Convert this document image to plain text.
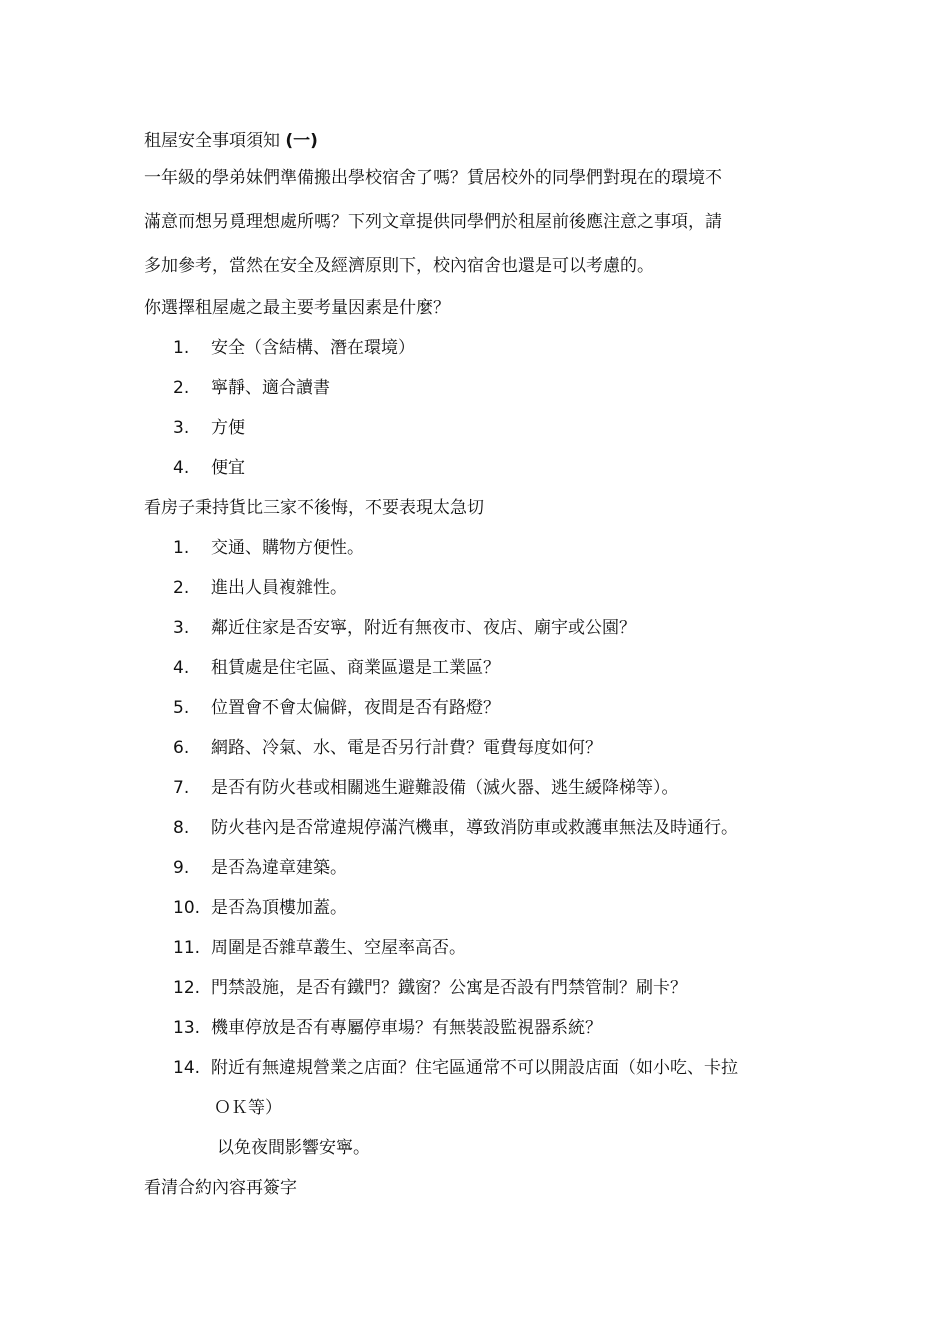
租屋安全事項須知 (一)

一年級的學弟妹們準備搬出學校宿舍了嗎？賃居校外的同學們對現在的環境不

滿意而想另覓理想處所嗎？下列文章提供同學們於租屋前後應注意之事項，請

多加參考，當然在安全及經濟原則下，校內宿舍也還是可以考慮的。

你選擇租屋處之最主要考量因素是什麼？
1. 安全（含結構、潛在環境）
2. 寧靜、適合讀書
3. 方便
4. 便宜
看房子秉持貨比三家不後悔，不要表現太急切
1. 交通、購物方便性。
2. 進出人員複雜性。
3. 鄰近住家是否安寧，附近有無夜市、夜店、廟宇或公園？
4. 租賃處是住宅區、商業區還是工業區？
5. 位置會不會太偏僻，夜間是否有路燈？
6. 網路、冷氣、水、電是否另行計費？電費每度如何？
7. 是否有防火巷或相關逃生避難設備（滅火器、逃生緩降梯等）。
8. 防火巷內是否常違規停滿汽機車，導致消防車或救護車無法及時通行。
9. 是否為違章建築。
10. 是否為頂樓加蓋。
11. 周圍是否雜草叢生、空屋率高否。
12. 門禁設施，是否有鐵門？鐵窗？公寓是否設有門禁管制？刷卡？
13. 機車停放是否有專屬停車場？有無裝設監視器系統？
14. 附近有無違規營業之店面？住宅區通常不可以開設店面（如小吃、卡拉
ＯＫ等）
以免夜間影響安寧。
看清合約內容再簽字
